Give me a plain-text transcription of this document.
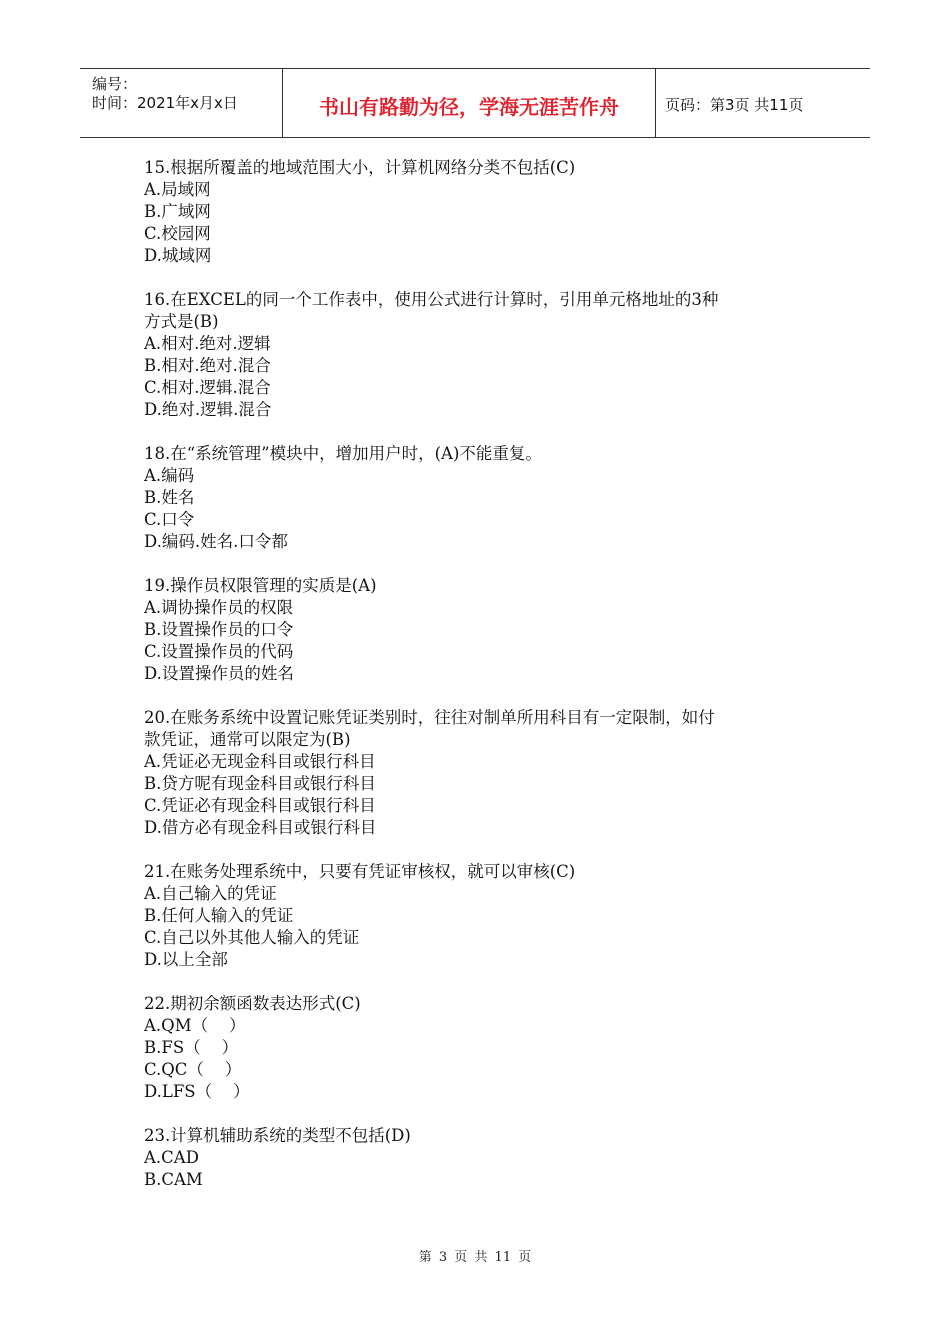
编号：
时间：2021年x月x日	书山有路勤为径，学海无涯苦作舟	页码：第3页 共11页
15.根据所覆盖的地域范围大小，计算机网络分类不包括(C)
A.局域网
B.广域网
C.校园网
D.城域网
16.在EXCEL的同一个工作表中，使用公式进行计算时，引用单元格地址的3种
方式是(B)
A.相对.绝对.逻辑
B.相对.绝对.混合
C.相对.逻辑.混合
D.绝对.逻辑.混合
18.在“系统管理”模块中，增加用户时，(A)不能重复。
A.编码
B.姓名
C.口令
D.编码.姓名.口令都
19.操作员权限管理的实质是(A)
A.调协操作员的权限
B.设置操作员的口令
C.设置操作员的代码
D.设置操作员的姓名
20.在账务系统中设置记账凭证类别时，往往对制单所用科目有一定限制，如付
款凭证，通常可以限定为(B)
A.凭证必无现金科目或银行科目
B.贷方呢有现金科目或银行科目
C.凭证必有现金科目或银行科目
D.借方必有现金科目或银行科目
21.在账务处理系统中，只要有凭证审核权，就可以审核(C)
A.自己输入的凭证
B.任何人输入的凭证
C.自己以外其他人输入的凭证
D.以上全部
22.期初余额函数表达形式(C)
A.QM（    ）
B.FS（    ）
C.QC（    ）
D.LFS（    ）
23.计算机辅助系统的类型不包括(D)
A.CAD
B.CAM
第 3 页 共 11 页
